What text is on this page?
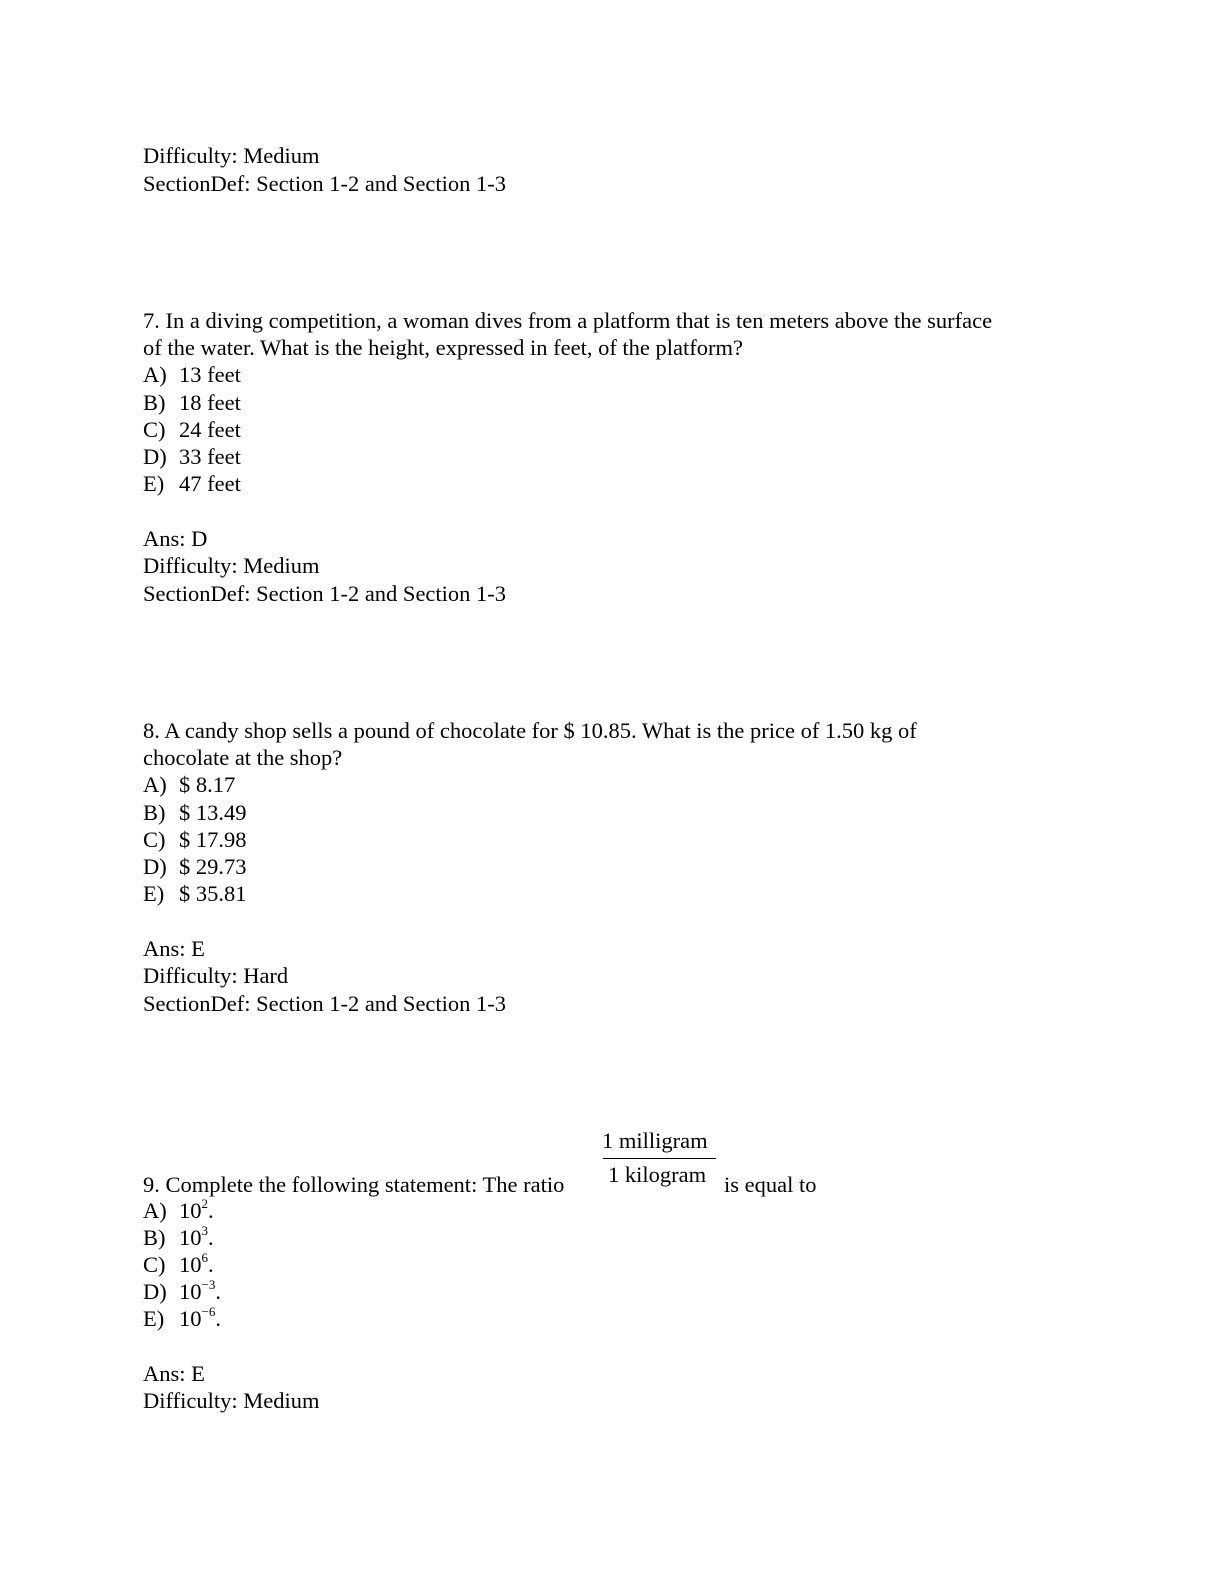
Difficulty: Medium
SectionDef: Section 1-2 and Section 1-3
7. In a diving competition, a woman dives from a platform that is ten meters above the surface
of the water. What is the height, expressed in feet, of the platform?
A) 13 feet
B) 18 feet
C) 24 feet
D) 33 feet
E) 47 feet
Ans: D
Difficulty: Medium
SectionDef: Section 1-2 and Section 1-3
8. A candy shop sells a pound of chocolate for $ 10.85. What is the price of 1.50 kg of
chocolate at the shop?
A) $ 8.17
B) $ 13.49
C) $ 17.98
D) $ 29.73
E) $ 35.81
Ans: E
Difficulty: Hard
SectionDef: Section 1-2 and Section 1-3
1 milligram
1 kilogram
9. Complete the following statement: The ratio	is equal to
A) $10^2$.
B) $10^3$.
C) $10^6$.
D) $10^{-3}$.
E) $10^{-6}$.
Ans: E
Difficulty: Medium
